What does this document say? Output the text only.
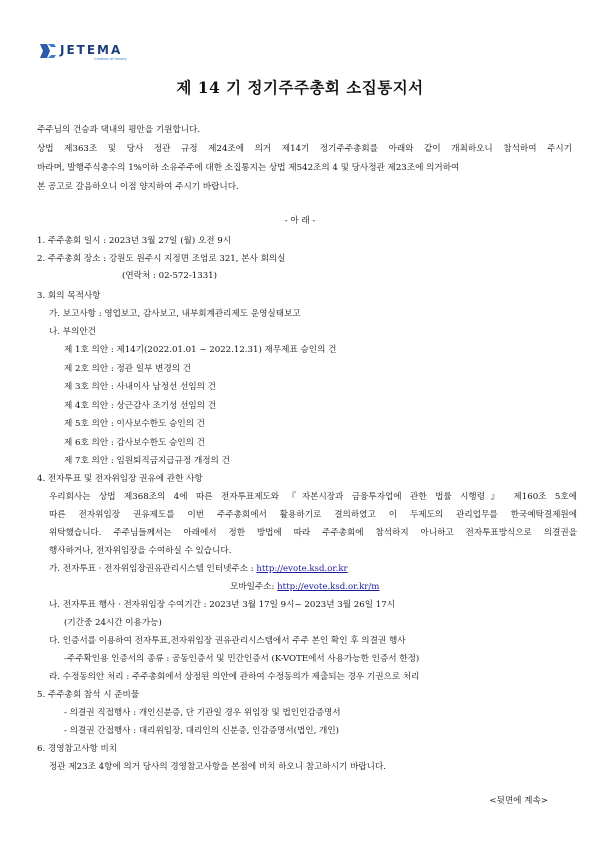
JETEMA
Creators of beauty
제 14 기 정기주주총회 소집통지서
주주님의 건승과 댁내의 평안을 기원합니다.
상법 제363조 및 당사 정관 규정 제24조에 의거 제14기 정기주주총회를 아래와 같이 개최하오니 참석하여 주시기
바라며, 발행주식총수의 1%이하 소유주주에 대한 소집통지는 상법 제542조의 4 및 당사정관 제23조에 의거하여
본 공고로 갈음하오니 이점 양지하여 주시기 바랍니다.
- 아 래 -
1. 주주총회 일시 : 2023년 3월 27일 (월) 오전 9시
2. 주주총회 장소 : 강원도 원주시 지정면 조엄로 321, 본사 회의실
(연락처 : 02-572-1331)
3. 회의 목적사항
가. 보고사항 : 영업보고, 감사보고, 내부회계관리제도 운영실태보고
나. 부의안건
제 1호 의안 : 제14기(2022.01.01 ~ 2022.12.31) 재무제표 승인의 건
제 2호 의안 : 정관 일부 변경의 건
제 3호 의안 : 사내이사 남정선 선임의 건
제 4호 의안 : 상근감사 조기성 선임의 건
제 5호 의안 : 이사보수한도 승인의 건
제 6호 의안 : 감사보수한도 승인의 건
제 7호 의안 : 임원퇴직금지급규정 개정의 건
4. 전자투표 및 전자위임장 권유에 관한 사항
우리회사는 상법 제368조의 4에 따른 전자투표제도와 『자본시장과 금융투자업에 관한 법률 시행령』 제160조 5호에
따른 전자위임장 권유제도를 이번 주주총회에서 활용하기로 결의하였고 이 두제도의 관리업무를 한국예탁결제원에
위탁했습니다. 주주님들께서는 아래에서 정한 방법에 따라 주주총회에 참석하지 아니하고 전자투표방식으로 의결권을
행사하거나, 전자위임장을 수여하실 수 있습니다.
가. 전자투표 · 전자위임장권유관리시스템 인터넷주소 : http://evote.ksd.or.kr
모바일주소: http://evote.ksd.or.kr/m
나. 전자투표 행사 · 전자위임장 수여기간 : 2023년 3월 17일 9시~ 2023년 3월 26일 17시
(기간중 24시간 이용가능)
다. 인증서를 이용하여 전자투표,전자위임장 권유관리시스템에서 주주 본인 확인 후 의결권 행사
-주주확인용 인증서의 종류 : 공동인증서 및 민간인증서 (K-VOTE에서 사용가능한 인증서 한정)
라. 수정동의안 처리 : 주주총회에서 상정된 의안에 관하여 수정동의가 제출되는 경우 기권으로 처리
5. 주주총회 참석 시 준비물
- 의결권 직접행사 : 개인신분증, 단 기관일 경우 위임장 및 법인인감증명서
- 의결권 간접행사 : 대리위임장, 대리인의 신분증, 인감증명서(법인, 개인)
6. 경영참고사항 비치
정관 제23조 4항에 의거 당사의 경영참고사항을 본점에 비치 하오니 참고하시기 바랍니다.
<뒷면에 계속>
